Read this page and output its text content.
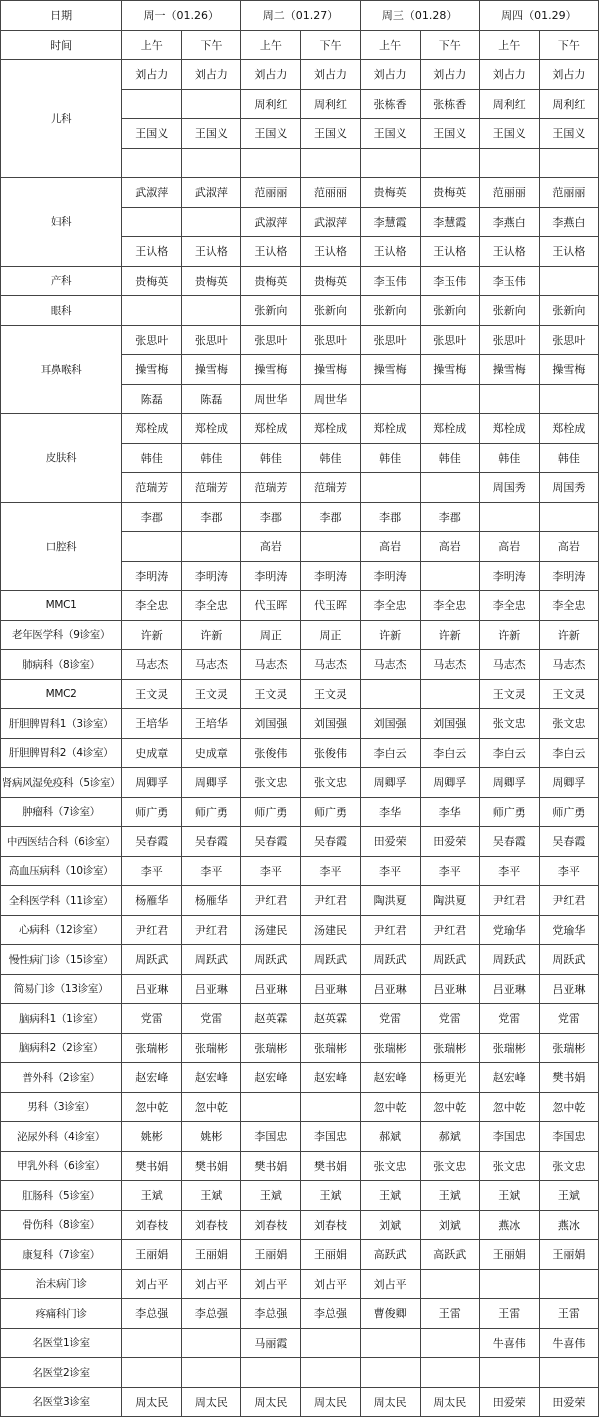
日期	周一（01.26）		周二（01.27）		周三（01.28）		周四（01.29）	
时间	上午	下午	上午	下午	上午	下午	上午	下午
儿科	刘占力	刘占力	刘占力	刘占力	刘占力	刘占力	刘占力	刘占力
			周利红	周利红	张栋香	张栋香	周利红	周利红
	王国义	王国义	王国义	王国义	王国义	王国义	王国义	王国义

妇科	武淑萍	武淑萍	范丽丽	范丽丽	贵梅英	贵梅英	范丽丽	范丽丽
			武淑萍	武淑萍	李慧霞	李慧霞	李燕白	李燕白
	王认格	王认格	王认格	王认格	王认格	王认格	王认格	王认格
产科	贵梅英	贵梅英	贵梅英	贵梅英	李玉伟	李玉伟	李玉伟	
眼科			张新向	张新向	张新向	张新向	张新向	张新向
耳鼻喉科	张思叶	张思叶	张思叶	张思叶	张思叶	张思叶	张思叶	张思叶
	操雪梅	操雪梅	操雪梅	操雪梅	操雪梅	操雪梅	操雪梅	操雪梅
	陈磊	陈磊	周世华	周世华				
皮肤科	郑栓成	郑栓成	郑栓成	郑栓成	郑栓成	郑栓成	郑栓成	郑栓成
	韩佳	韩佳	韩佳	韩佳	韩佳	韩佳	韩佳	韩佳
	范瑞芳	范瑞芳	范瑞芳	范瑞芳			周国秀	周国秀
口腔科	李郡	李郡	李郡	李郡	李郡	李郡		
			高岩		高岩	高岩	高岩	高岩
	李明涛	李明涛	李明涛	李明涛	李明涛		李明涛	李明涛
MMC1	李全忠	李全忠	代玉晖	代玉晖	李全忠	李全忠	李全忠	李全忠
老年医学科（9诊室）	许新	许新	周正	周正	许新	许新	许新	许新
肺病科（8诊室）	马志杰	马志杰	马志杰	马志杰	马志杰	马志杰	马志杰	马志杰
MMC2	王文灵	王文灵	王文灵	王文灵			王文灵	王文灵
肝胆脾胃科1（3诊室）	王培华	王培华	刘国强	刘国强	刘国强	刘国强	张文忠	张文忠
肝胆脾胃科2（4诊室）	史成章	史成章	张俊伟	张俊伟	李白云	李白云	李白云	李白云
肾病风湿免疫科（5诊室）	周卿孚	周卿孚	张文忠	张文忠	周卿孚	周卿孚	周卿孚	周卿孚
肿瘤科（7诊室）	师广勇	师广勇	师广勇	师广勇	李华	李华	师广勇	师广勇
中西医结合科（6诊室）	吴春霞	吴春霞	吴春霞	吴春霞	田爱荣	田爱荣	吴春霞	吴春霞
高血压病科（10诊室）	李平	李平	李平	李平	李平	李平	李平	李平
全科医学科（11诊室）	杨雁华	杨雁华	尹红君	尹红君	陶洪夏	陶洪夏	尹红君	尹红君
心病科（12诊室）	尹红君	尹红君	汤建民	汤建民	尹红君	尹红君	党瑜华	党瑜华
慢性病门诊（15诊室）	周跃武	周跃武	周跃武	周跃武	周跃武	周跃武	周跃武	周跃武
简易门诊（13诊室）	吕亚琳	吕亚琳	吕亚琳	吕亚琳	吕亚琳	吕亚琳	吕亚琳	吕亚琳
脑病科1（1诊室）	党雷	党雷	赵英霖	赵英霖	党雷	党雷	党雷	党雷
脑病科2（2诊室）	张瑞彬	张瑞彬	张瑞彬	张瑞彬	张瑞彬	张瑞彬	张瑞彬	张瑞彬
普外科（2诊室）	赵宏峰	赵宏峰	赵宏峰	赵宏峰	赵宏峰	杨更光	赵宏峰	樊书娟
男科（3诊室）	忽中乾	忽中乾			忽中乾	忽中乾	忽中乾	忽中乾
泌尿外科（4诊室）	姚彬	姚彬	李国忠	李国忠	郝斌	郝斌	李国忠	李国忠
甲乳外科（6诊室）	樊书娟	樊书娟	樊书娟	樊书娟	张文忠	张文忠	张文忠	张文忠
肛肠科（5诊室）	王斌	王斌	王斌	王斌	王斌	王斌	王斌	王斌
骨伤科（8诊室）	刘春枝	刘春枝	刘春枝	刘春枝	刘斌	刘斌	燕冰	燕冰
康复科（7诊室）	王丽娟	王丽娟	王丽娟	王丽娟	高跃武	高跃武	王丽娟	王丽娟
治未病门诊	刘占平	刘占平	刘占平	刘占平	刘占平			
疼痛科门诊	李总强	李总强	李总强	李总强	曹俊卿	王雷	王雷	王雷
名医堂1诊室			马丽霞				牛喜伟	牛喜伟
名医堂2诊室								
名医堂3诊室	周太民	周太民	周太民	周太民	周太民	周太民	田爱荣	田爱荣
